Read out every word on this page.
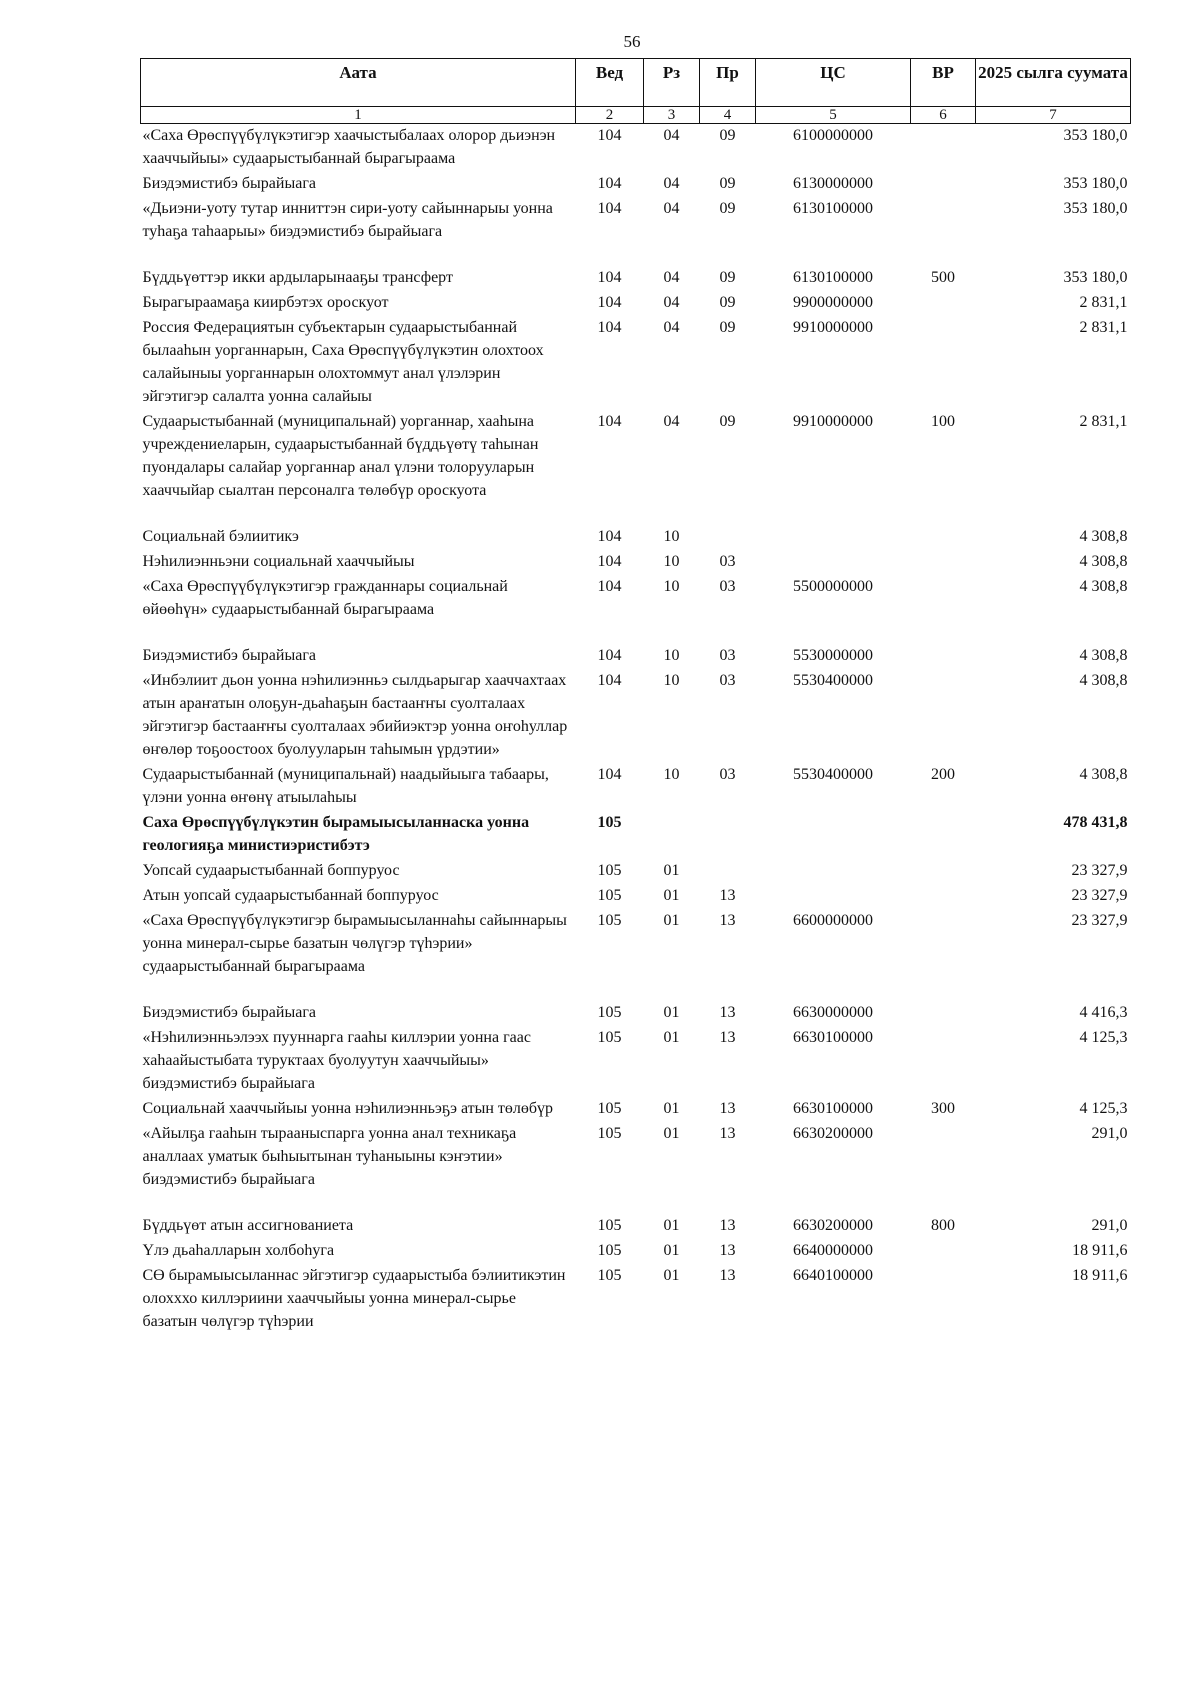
56
Аата	Вед	Рз	Пр	ЦС	ВР	2025 сылга суумата
1	2	3	4	5	6	7
«Саха Өрөспүүбүлүкэтигэр хаачыстыбалаах олорор дьиэнэн хааччыйыы» судаарыстыбаннай бырагыраама	104	04	09	6100000000		353 180,0
Биэдэмистибэ бырайыага	104	04	09	6130000000		353 180,0
«Дьиэни-уоту тутар инниттэн сири-уоту сайыннарыы уонна туһаҕа таһаарыы» биэдэмистибэ бырайыага	104	04	09	6130100000		353 180,0
Бүддьүөттэр икки ардыларынааҕы трансферт	104	04	09	6130100000	500	353 180,0
Бырагыраамаҕа киирбэтэх ороскуот	104	04	09	9900000000		2 831,1
Россия Федерациятын субъектарын судаарыстыбаннай былааһын уорганнарын, Саха Өрөспүүбүлүкэтин олохтоох салайыныы уорганнарын олохтоммут анал үлэлэрин эйгэтигэр салалта уонна салайыы	104	04	09	9910000000		2 831,1
Судаарыстыбаннай (муниципальнай) уорганнар, хааһына учреждениеларын, судаарыстыбаннай бүддьүөтү таһынан пуондалары салайар уорганнар анал үлэни толорууларын хааччыйар сыалтан персоналга төлөбүр ороскуота	104	04	09	9910000000	100	2 831,1
Социальнай бэлиитикэ	104	10				4 308,8
Нэһилиэнньэни социальнай хааччыйыы	104	10	03			4 308,8
«Саха Өрөспүүбүлүкэтигэр гражданнары социальнай өйөөһүн» судаарыстыбаннай бырагыраама	104	10	03	5500000000		4 308,8
Биэдэмистибэ бырайыага	104	10	03	5530000000		4 308,8
«Инбэлиит дьон уонна нэһилиэнньэ сылдьарыгар хааччахтаах атын араҥатын олоҕун-дьаһаҕын бастааҥҥы суолталаах эйгэтигэр бастааҥҥы суолталаах эбийиэктэр уонна оҥоһуллар өҥөлөр тоҕоостоох буолууларын таһымын үрдэтии»	104	10	03	5530400000		4 308,8
Судаарыстыбаннай (муниципальнай) наадыйыыга табаары, үлэни уонна өҥөнү атыылаһыы	104	10	03	5530400000	200	4 308,8
Саха Өрөспүүбүлүкэтин бырамыысыланнаска уонна геологияҕа министиэристибэтэ	105					478 431,8
Уопсай судаарыстыбаннай боппуруос	105	01				23 327,9
Атын уопсай судаарыстыбаннай боппуруос	105	01	13			23 327,9
«Саха Өрөспүүбүлүкэтигэр бырамыысыланнаһы сайыннарыы уонна минерал-сырье базатын чөлүгэр түһэрии» судаарыстыбаннай бырагыраама	105	01	13	6600000000		23 327,9
Биэдэмистибэ бырайыага	105	01	13	6630000000		4 416,3
«Нэһилиэнньэлээх пууннарга гааһы киллэрии уонна гаас хаһаайыстыбата туруктаах буолуутун хааччыйыы» биэдэмистибэ бырайыага	105	01	13	6630100000		4 125,3
Социальнай хааччыйыы уонна нэһилиэнньэҕэ атын төлөбүр	105	01	13	6630100000	300	4 125,3
«Айылҕа гааһын тырааныспарга уонна анал техникаҕа аналлаах уматык быһыытынан туһаныыны кэҥэтии» биэдэмистибэ бырайыага	105	01	13	6630200000		291,0
Бүддьүөт атын ассигнованиета	105	01	13	6630200000	800	291,0
Үлэ дьаһалларын холбоһуга	105	01	13	6640000000		18 911,6
СӨ бырамыысыланнас эйгэтигэр судаарыстыба бэлиитикэтин олохххо киллэриини хааччыйыы уонна минерал-сырье базатын чөлүгэр түһэрии	105	01	13	6640100000		18 911,6
